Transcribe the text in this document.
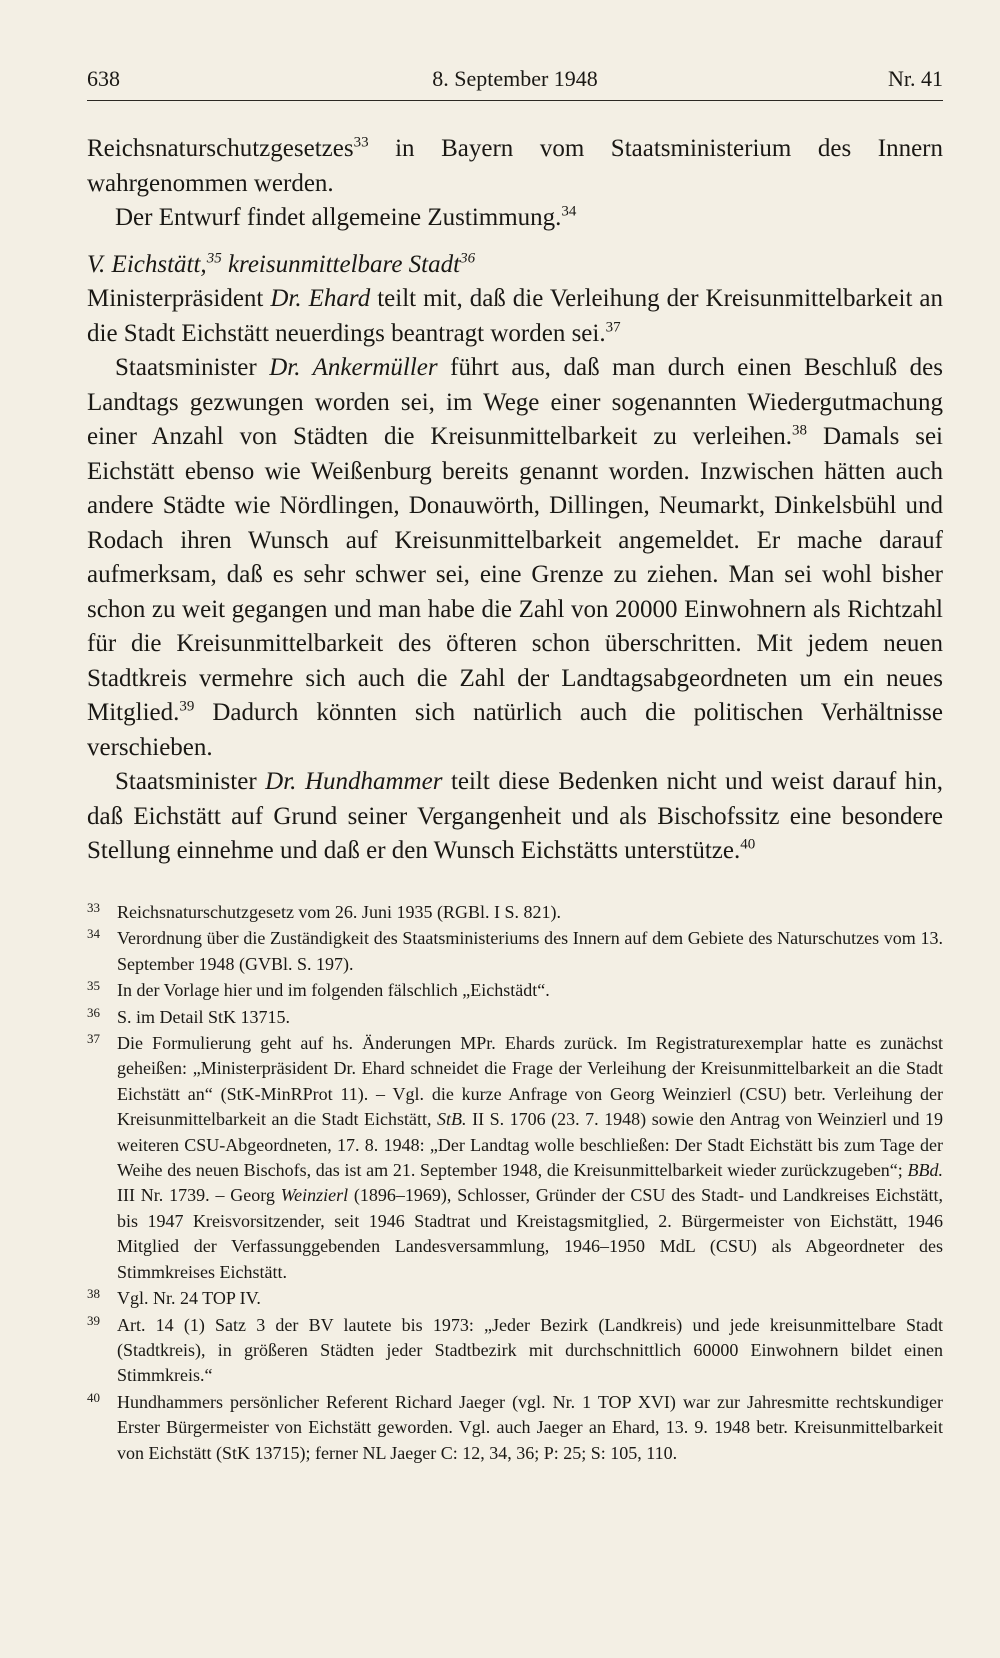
638	8. September 1948	Nr. 41

Reichsnaturschutzgesetzes$^{33}$ in Bayern vom Staatsministerium des Innern wahrgenommen werden.

Der Entwurf findet allgemeine Zustimmung.$^{34}$

V. Eichstätt,$^{35}$ kreisunmittelbare Stadt$^{36}$

Ministerpräsident Dr. Ehard teilt mit, daß die Verleihung der Kreisunmittelbarkeit an die Stadt Eichstätt neuerdings beantragt worden sei.$^{37}$

Staatsminister Dr. Ankermüller führt aus, daß man durch einen Beschluß des Landtags gezwungen worden sei, im Wege einer sogenannten Wiedergutmachung einer Anzahl von Städten die Kreisunmittelbarkeit zu verleihen.$^{38}$ Damals sei Eichstätt ebenso wie Weißenburg bereits genannt worden. Inzwischen hätten auch andere Städte wie Nördlingen, Donauwörth, Dillingen, Neumarkt, Dinkelsbühl und Rodach ihren Wunsch auf Kreisunmittelbarkeit angemeldet. Er mache darauf aufmerksam, daß es sehr schwer sei, eine Grenze zu ziehen. Man sei wohl bisher schon zu weit gegangen und man habe die Zahl von 20000 Einwohnern als Richtzahl für die Kreisunmittelbarkeit des öfteren schon überschritten. Mit jedem neuen Stadtkreis vermehre sich auch die Zahl der Landtagsabgeordneten um ein neues Mitglied.$^{39}$ Dadurch könnten sich natürlich auch die politischen Verhältnisse verschieben.

Staatsminister Dr. Hundhammer teilt diese Bedenken nicht und weist darauf hin, daß Eichstätt auf Grund seiner Vergangenheit und als Bischofssitz eine besondere Stellung einnehme und daß er den Wunsch Eichstätts unterstütze.$^{40}$

33 Reichsnaturschutzgesetz vom 26. Juni 1935 (RGBl. I S. 821).
34 Verordnung über die Zuständigkeit des Staatsministeriums des Innern auf dem Gebiete des Naturschutzes vom 13. September 1948 (GVBl. S. 197).
35 In der Vorlage hier und im folgenden fälschlich „Eichstädt“.
36 S. im Detail StK 13715.
37 Die Formulierung geht auf hs. Änderungen MPr. Ehards zurück. Im Registraturexemplar hatte es zunächst geheißen: „Ministerpräsident Dr. Ehard schneidet die Frage der Verleihung der Kreisunmittelbarkeit an die Stadt Eichstätt an“ (StK-MinRProt 11). – Vgl. die kurze Anfrage von Georg Weinzierl (CSU) betr. Verleihung der Kreisunmittelbarkeit an die Stadt Eichstätt, StB. II S. 1706 (23. 7. 1948) sowie den Antrag von Weinzierl und 19 weiteren CSU-Abgeordneten, 17. 8. 1948: „Der Landtag wolle beschließen: Der Stadt Eichstätt bis zum Tage der Weihe des neuen Bischofs, das ist am 21. September 1948, die Kreisunmittelbarkeit wieder zurückzugeben“; BBd. III Nr. 1739. – Georg Weinzierl (1896–1969), Schlosser, Gründer der CSU des Stadt- und Landkreises Eichstätt, bis 1947 Kreisvorsitzender, seit 1946 Stadtrat und Kreistagsmitglied, 2. Bürgermeister von Eichstätt, 1946 Mitglied der Verfassunggebenden Landesversammlung, 1946–1950 MdL (CSU) als Abgeordneter des Stimmkreises Eichstätt.
38 Vgl. Nr. 24 TOP IV.
39 Art. 14 (1) Satz 3 der BV lautete bis 1973: „Jeder Bezirk (Landkreis) und jede kreisunmittelbare Stadt (Stadtkreis), in größeren Städten jeder Stadtbezirk mit durchschnittlich 60000 Einwohnern bildet einen Stimmkreis.“
40 Hundhammers persönlicher Referent Richard Jaeger (vgl. Nr. 1 TOP XVI) war zur Jahresmitte rechtskundiger Erster Bürgermeister von Eichstätt geworden. Vgl. auch Jaeger an Ehard, 13. 9. 1948 betr. Kreisunmittelbarkeit von Eichstätt (StK 13715); ferner NL Jaeger C: 12, 34, 36; P: 25; S: 105, 110.
